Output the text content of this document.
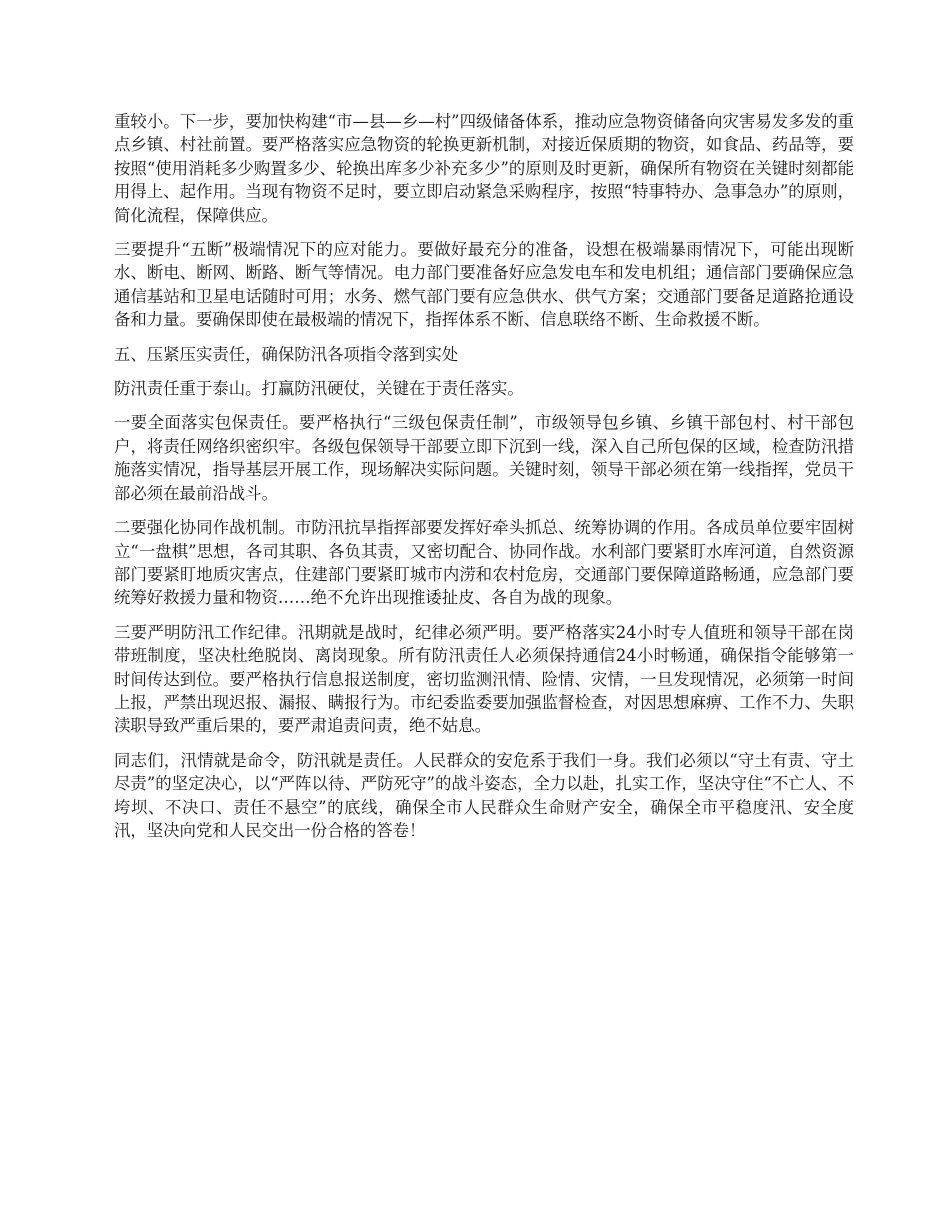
重较小。下一步，要加快构建“市—县—乡—村”四级储备体系，推动应急物资储备向灾害易发多发的重点乡镇、村社前置。要严格落实应急物资的轮换更新机制，对接近保质期的物资，如食品、药品等，要按照“使用消耗多少购置多少、轮换出库多少补充多少”的原则及时更新，确保所有物资在关键时刻都能用得上、起作用。当现有物资不足时，要立即启动紧急采购程序，按照“特事特办、急事急办”的原则，简化流程，保障供应。

三要提升“五断”极端情况下的应对能力。要做好最充分的准备，设想在极端暴雨情况下，可能出现断水、断电、断网、断路、断气等情况。电力部门要准备好应急发电车和发电机组；通信部门要确保应急通信基站和卫星电话随时可用；水务、燃气部门要有应急供水、供气方案；交通部门要备足道路抢通设备和力量。要确保即使在最极端的情况下，指挥体系不断、信息联络不断、生命救援不断。

五、压紧压实责任，确保防汛各项指令落到实处

防汛责任重于泰山。打赢防汛硬仗，关键在于责任落实。

一要全面落实包保责任。要严格执行“三级包保责任制”，市级领导包乡镇、乡镇干部包村、村干部包户，将责任网络织密织牢。各级包保领导干部要立即下沉到一线，深入自己所包保的区域，检查防汛措施落实情况，指导基层开展工作，现场解决实际问题。关键时刻，领导干部必须在第一线指挥，党员干部必须在最前沿战斗。

二要强化协同作战机制。市防汛抗旱指挥部要发挥好牵头抓总、统筹协调的作用。各成员单位要牢固树立“一盘棋”思想，各司其职、各负其责，又密切配合、协同作战。水利部门要紧盯水库河道，自然资源部门要紧盯地质灾害点，住建部门要紧盯城市内涝和农村危房，交通部门要保障道路畅通，应急部门要统筹好救援力量和物资……绝不允许出现推诿扯皮、各自为战的现象。

三要严明防汛工作纪律。汛期就是战时，纪律必须严明。要严格落实24小时专人值班和领导干部在岗带班制度，坚决杜绝脱岗、离岗现象。所有防汛责任人必须保持通信24小时畅通，确保指令能够第一时间传达到位。要严格执行信息报送制度，密切监测汛情、险情、灾情，一旦发现情况，必须第一时间上报，严禁出现迟报、漏报、瞒报行为。市纪委监委要加强监督检查，对因思想麻痹、工作不力、失职渎职导致严重后果的，要严肃追责问责，绝不姑息。

同志们，汛情就是命令，防汛就是责任。人民群众的安危系于我们一身。我们必须以“守土有责、守土尽责”的坚定决心，以“严阵以待、严防死守”的战斗姿态，全力以赴，扎实工作，坚决守住“不亡人、不垮坝、不决口、责任不悬空”的底线，确保全市人民群众生命财产安全，确保全市平稳度汛、安全度汛，坚决向党和人民交出一份合格的答卷！
